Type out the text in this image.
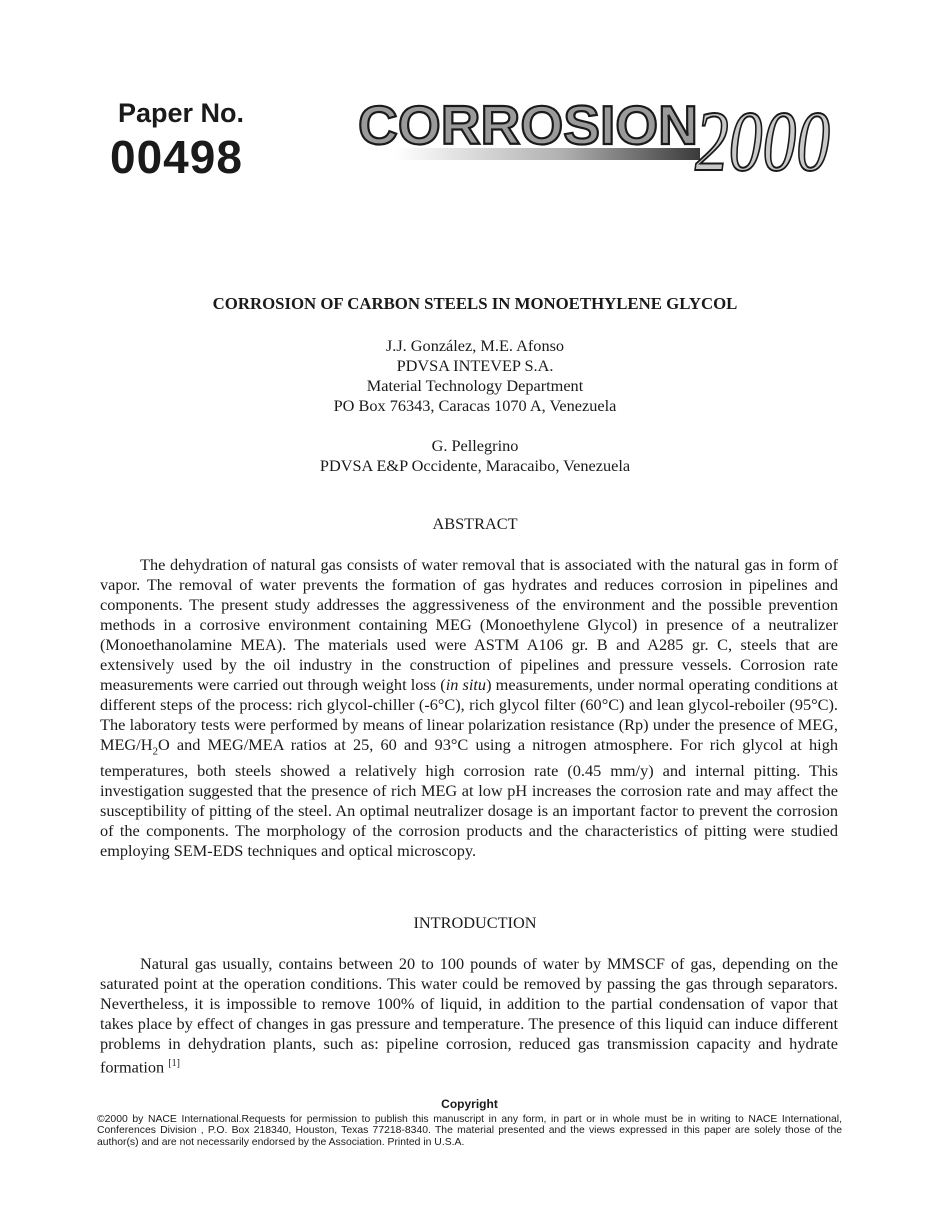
Paper No.
00498
CORROSION
2000
CORROSION OF CARBON STEELS IN MONOETHYLENE GLYCOL
J.J. González, M.E. Afonso
PDVSA INTEVEP S.A.
Material Technology Department
PO Box 76343, Caracas 1070 A, Venezuela
G. Pellegrino
PDVSA E&P Occidente, Maracaibo, Venezuela
ABSTRACT

The dehydration of natural gas consists of water removal that is associated with the natural gas in form of vapor. The removal of water prevents the formation of gas hydrates and reduces corrosion in pipelines and components. The present study addresses the aggressiveness of the environment and the possible prevention methods in a corrosive environment containing MEG (Monoethylene Glycol) in presence of a neutralizer (Monoethanolamine MEA). The materials used were ASTM A106 gr. B and A285 gr. C, steels that are extensively used by the oil industry in the construction of pipelines and pressure vessels. Corrosion rate measurements were carried out through weight loss (in situ) measurements, under normal operating conditions at different steps of the process: rich glycol-chiller (-6°C), rich glycol filter (60°C) and lean glycol-reboiler (95°C). The laboratory tests were performed by means of linear polarization resistance (Rp) under the presence of MEG, MEG/$H_2O$ and MEG/MEA ratios at 25, 60 and 93°C using a nitrogen atmosphere. For rich glycol at high temperatures, both steels showed a relatively high corrosion rate (0.45 mm/y) and internal pitting. This investigation suggested that the presence of rich MEG at low pH increases the corrosion rate and may affect the susceptibility of pitting of the steel. An optimal neutralizer dosage is an important factor to prevent the corrosion of the components. The morphology of the corrosion products and the characteristics of pitting were studied employing SEM-EDS techniques and optical microscopy.

INTRODUCTION

Natural gas usually, contains between 20 to 100 pounds of water by MMSCF of gas, depending on the saturated point at the operation conditions. This water could be removed by passing the gas through separators. Nevertheless, it is impossible to remove 100% of liquid, in addition to the partial condensation of vapor that takes place by effect of changes in gas pressure and temperature. The presence of this liquid can induce different problems in dehydration plants, such as: pipeline corrosion, reduced gas transmission capacity and hydrate formation [1]

Copyright
©2000 by NACE International.Requests for permission to publish this manuscript in any form, in part or in whole must be in writing to NACE International, Conferences Division , P.O. Box 218340, Houston, Texas 77218-8340. The material presented and the views expressed in this paper are solely those of the author(s) and are not necessarily endorsed by the Association. Printed in U.S.A.
